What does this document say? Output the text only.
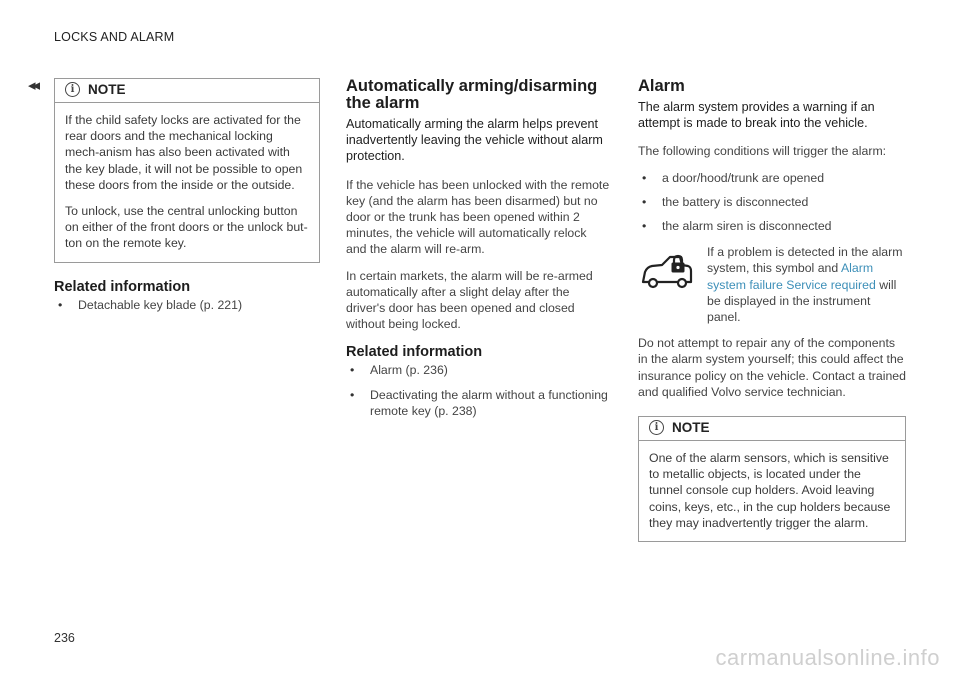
LOCKS AND ALARM
◂◂	i	NOTE

If the child safety locks are activated for the rear doors and the mechanical locking mech-anism has also been activated with the key blade, it will not be possible to open these doors from the inside or the outside.

To unlock, use the central unlocking button on either of the front doors or the unlock but-ton on the remote key.

Related information
• Detachable key blade (p. 221)
Automatically arming/disarming the alarm

Automatically arming the alarm helps prevent inadvertently leaving the vehicle without alarm protection.

If the vehicle has been unlocked with the remote key (and the alarm has been disarmed) but no door or the trunk has been opened within 2 minutes, the vehicle will automatically relock and the alarm will re-arm.

In certain markets, the alarm will be re-armed automatically after a slight delay after the driver's door has been opened and closed without being locked.

Related information
• Alarm (p. 236)
• Deactivating the alarm without a functioning remote key (p. 238)
Alarm

The alarm system provides a warning if an attempt is made to break into the vehicle.

The following conditions will trigger the alarm:

• a door/hood/trunk are opened
• the battery is disconnected
• the alarm siren is disconnected

If a problem is detected in the alarm system, this symbol and Alarm system failure Service required will be displayed in the instrument panel.

Do not attempt to repair any of the components in the alarm system yourself; this could affect the insurance policy on the vehicle. Contact a trained and qualified Volvo service technician.

i	NOTE

One of the alarm sensors, which is sensitive to metallic objects, is located under the tunnel console cup holders. Avoid leaving coins, keys, etc., in the cup holders because they may inadvertently trigger the alarm.

236
carmanualsonline.info
